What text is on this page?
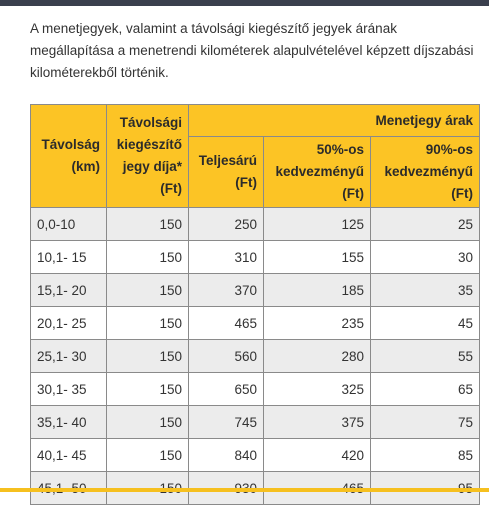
A menetjegyek, valamint a távolsági kiegészítő jegyek árának megállapítása a menetrendi kilométerek alapulvételével képzett díjszabási kilométerekből történik.

Távolság (km)	Távolsági kiegészítő jegy díja* (Ft)	Menetjegy árak		
		Teljesárú (Ft)	50%-os kedvezményű (Ft)	90%-os kedvezményű (Ft)
0,0-10	150	250	125	25
10,1- 15	150	310	155	30
15,1- 20	150	370	185	35
20,1- 25	150	465	235	45
25,1- 30	150	560	280	55
30,1- 35	150	650	325	65
35,1- 40	150	745	375	75
40,1- 45	150	840	420	85
